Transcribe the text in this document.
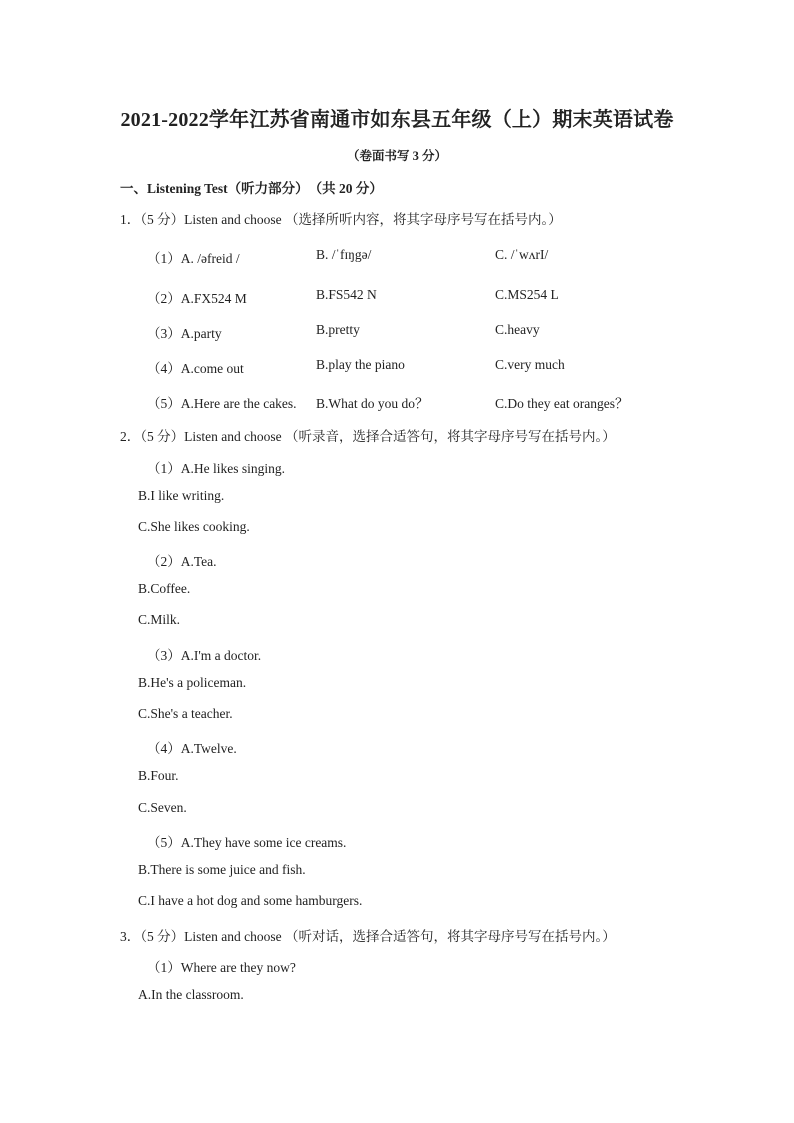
2021-2022学年江苏省南通市如东县五年级（上）期末英语试卷
（卷面书写 3 分）
一、Listening Test（听力部分）　（共 20 分）
1．（5 分）Listen and choose （选择所听内容，将其字母序号写在括号内。）
（1）A. /əfreid /	B. /ˈfɪŋgə/	C. /ˈwʌrI/
（2）A.FX524 M	B.FS542 N	C.MS254 L
（3）A.party	B.pretty	C.heavy
（4）A.come out	B.play the piano	C.very much
（5）A.Here are the cakes. B.What do you do？	C.Do they eat oranges？
2．（5 分）Listen and choose （听录音，选择合适答句，将其字母序号写在括号内。）
（1）A.He likes singing.
B.I like writing.
C.She likes cooking.
（2）A.Tea.
B.Coffee.
C.Milk.
（3）A.I'm a doctor.
B.He's a policeman.
C.She's a teacher.
（4）A.Twelve.
B.Four.
C.Seven.
（5）A.They have some ice creams.
B.There is some juice and fish.
C.I have a hot dog and some hamburgers.
3．（5 分）Listen and choose （听对话，选择合适答句，将其字母序号写在括号内。）
（1）Where are they now?
A.In the classroom.
